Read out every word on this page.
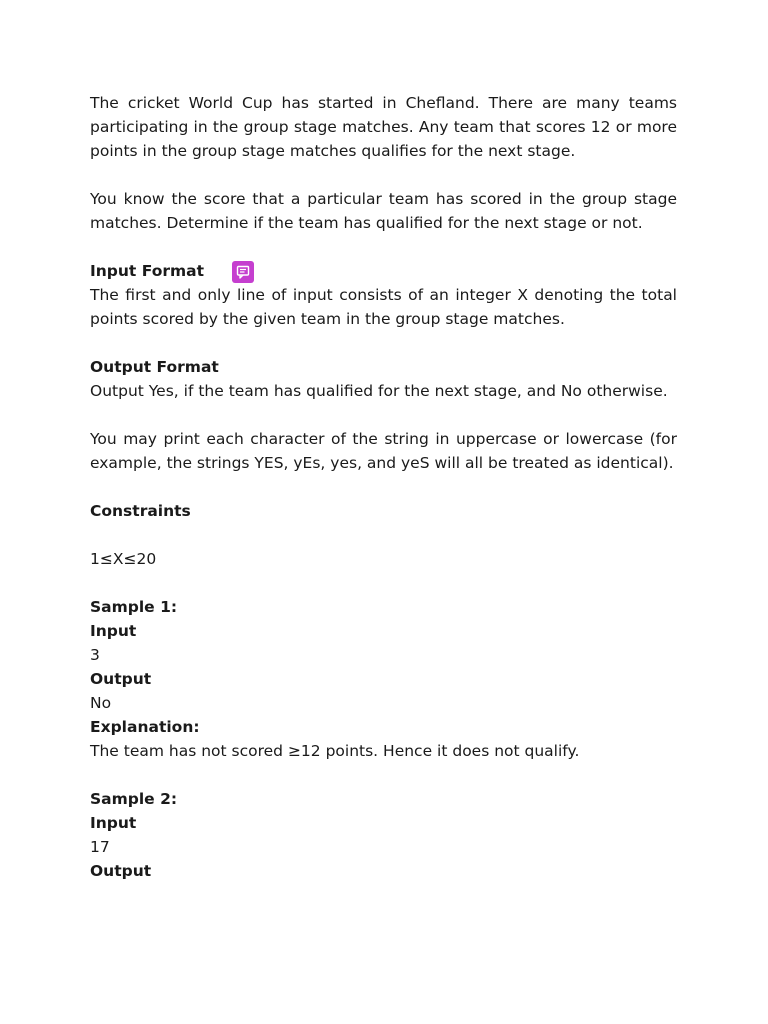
The cricket World Cup has started in Chefland. There are many teams participating in the group stage matches. Any team that scores 12 or more points in the group stage matches qualifies for the next stage.

You know the score that a particular team has scored in the group stage matches. Determine if the team has qualified for the next stage or not.

Input Format

The first and only line of input consists of an integer X denoting the total points scored by the given team in the group stage matches.

Output Format

Output Yes, if the team has qualified for the next stage, and No otherwise.

You may print each character of the string in uppercase or lowercase (for example, the strings YES, yEs, yes, and yeS will all be treated as identical).

Constraints

1≤X≤20

Sample 1:

Input

3

Output

No

Explanation:

The team has not scored ≥12 points. Hence it does not qualify.

Sample 2:

Input

17

Output
